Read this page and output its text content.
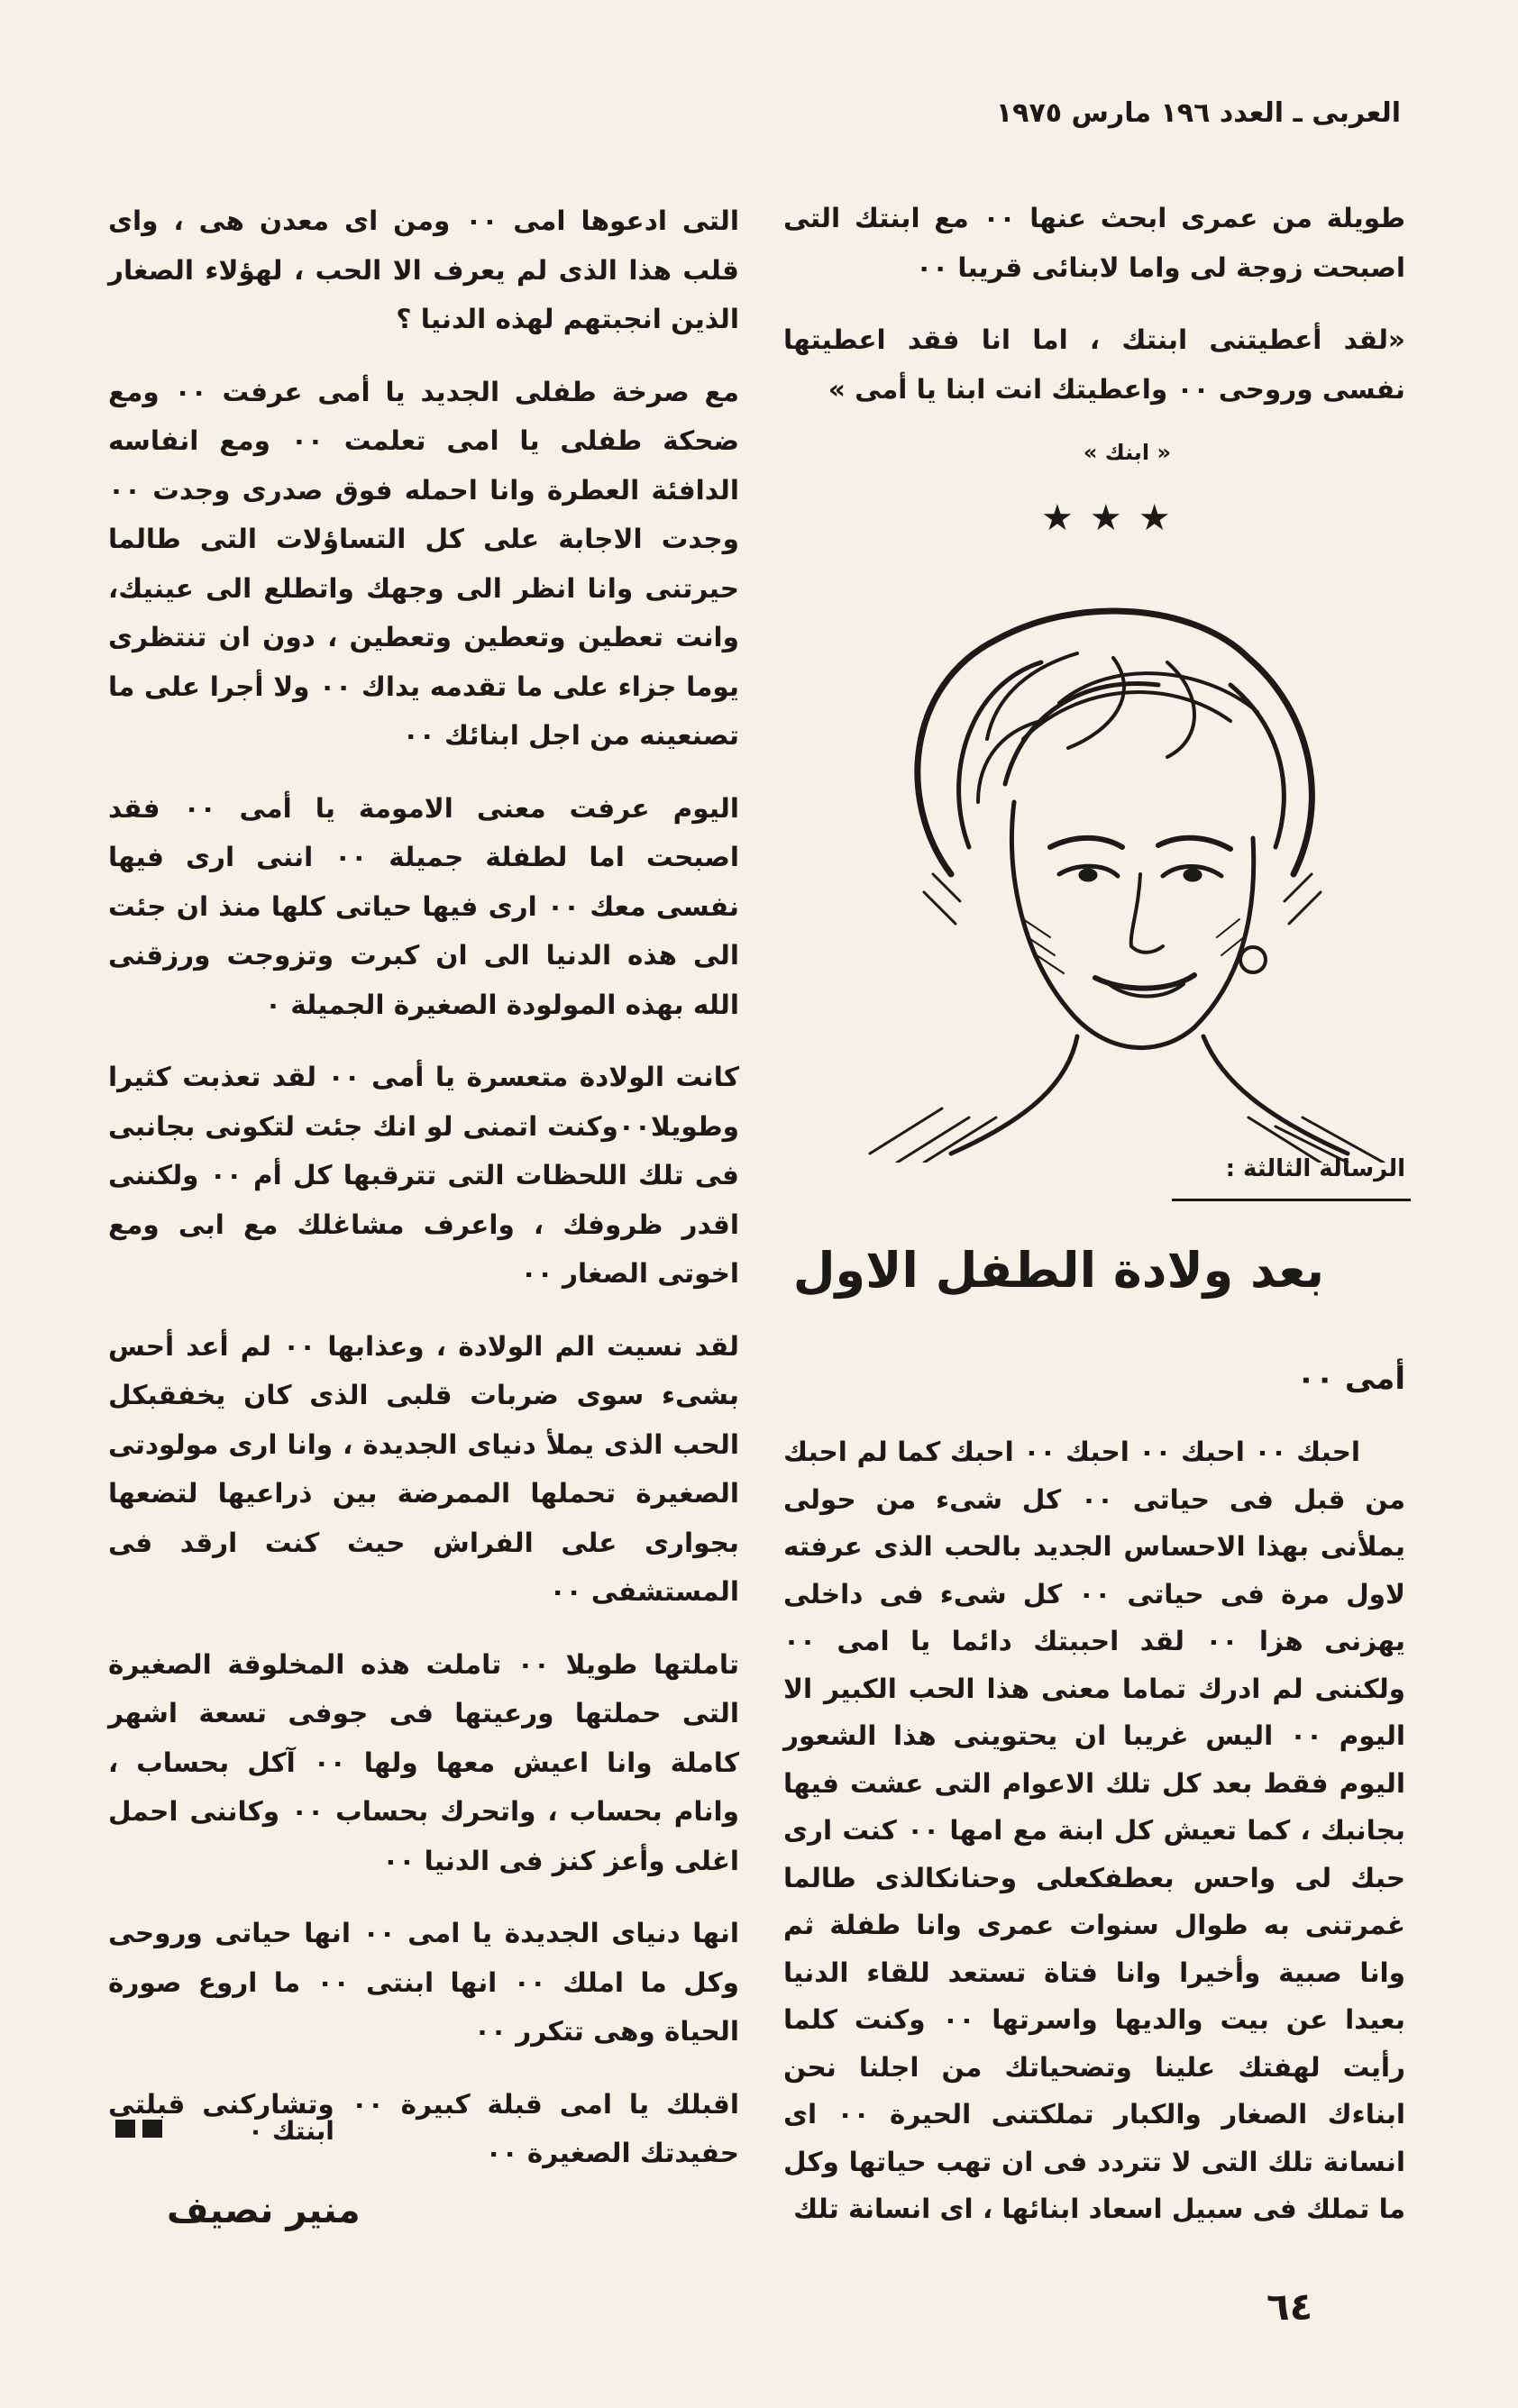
العربى ـ العدد ١٩٦ مارس ١٩٧٥

طويلة من عمرى ابحث عنها ٠٠ مع ابنتك التى اصبحت زوجة لى واما لابنائى قريبا ٠٠

«لقد أعطيتنى ابنتك ، اما انا فقد اعطيتها نفسى وروحى ٠٠ واعطيتك انت ابنا يا أمى »

« ابنك »
★★★
الرسالة الثالثة :
بعد ولادة الطفل الاول
أمى ٠٠

احبك ٠٠ احبك ٠٠ احبك ٠٠ احبك كما لم احبك من قبل فى حياتى ٠٠ كل شىء من حولى يملأنى بهذا الاحساس الجديد بالحب الذى عرفته لاول مرة فى حياتى ٠٠ كل شىء فى داخلى يهزنى هزا ٠٠ لقد احببتك دائما يا امى ٠٠ ولكننى لم ادرك تماما معنى هذا الحب الكبير الا اليوم ٠٠ اليس غريبا ان يحتوينى هذا الشعور اليوم فقط بعد كل تلك الاعوام التى عشت فيها بجانبك ، كما تعيش كل ابنة مع امها ٠٠ كنت ارى حبك لى واحس بعطفكعلى وحنانكالذى طالما غمرتنى به طوال سنوات عمرى وانا طفلة ثم وانا صبية وأخيرا وانا فتاة تستعد للقاء الدنيا بعيدا عن بيت والديها واسرتها ٠٠ وكنت كلما رأيت لهفتك علينا وتضحياتك من اجلنا نحن ابناءك الصغار والكبار تملكتنى الحيرة ٠٠ اى انسانة تلك التى لا تتردد فى ان تهب حياتها وكل ما تملك فى سبيل اسعاد ابنائها ، اى انسانة تلك

التى ادعوها امى ٠٠ ومن اى معدن هى ، واى قلب هذا الذى لم يعرف الا الحب ، لهؤلاء الصغار الذين انجبتهم لهذه الدنيا ؟

مع صرخة طفلى الجديد يا أمى عرفت ٠٠ ومع ضحكة طفلى يا امى تعلمت ٠٠ ومع انفاسه الدافئة العطرة وانا احمله فوق صدرى وجدت ٠٠ وجدت الاجابة على كل التساؤلات التى طالما حيرتنى وانا انظر الى وجهك واتطلع الى عينيك، وانت تعطين وتعطين وتعطين ، دون ان تنتظرى يوما جزاء على ما تقدمه يداك ٠٠ ولا أجرا على ما تصنعينه من اجل ابنائك ٠٠

اليوم عرفت معنى الامومة يا أمى ٠٠ فقد اصبحت اما لطفلة جميلة ٠٠ اننى ارى فيها نفسى معك ٠٠ ارى فيها حياتى كلها منذ ان جئت الى هذه الدنيا الى ان كبرت وتزوجت ورزقنى الله بهذه المولودة الصغيرة الجميلة ٠

كانت الولادة متعسرة يا أمى ٠٠ لقد تعذبت كثيرا وطويلا٠٠وكنت اتمنى لو انك جئت لتكونى بجانبى فى تلك اللحظات التى تترقبها كل أم ٠٠ ولكننى اقدر ظروفك ، واعرف مشاغلك مع ابى ومع اخوتى الصغار ٠٠

لقد نسيت الم الولادة ، وعذابها ٠٠ لم أعد أحس بشىء سوى ضربات قلبى الذى كان يخفقبكل الحب الذى يملأ دنياى الجديدة ، وانا ارى مولودتى الصغيرة تحملها الممرضة بين ذراعيها لتضعها بجوارى على الفراش حيث كنت ارقد فى المستشفى ٠٠

تاملتها طويلا ٠٠ تاملت هذه المخلوقة الصغيرة التى حملتها ورعيتها فى جوفى تسعة اشهر كاملة وانا اعيش معها ولها ٠٠ آكل بحساب ، وانام بحساب ، واتحرك بحساب ٠٠ وكاننى احمل اغلى وأعز كنز فى الدنيا ٠٠

انها دنياى الجديدة يا امى ٠٠ انها حياتى وروحى وكل ما املك ٠٠ انها ابنتى ٠٠ ما اروع صورة الحياة وهى تتكرر ٠٠

اقبلك يا امى قبلة كبيرة ٠٠ وتشاركنى قبلتى حفيدتك الصغيرة ٠٠

ابنتك ٠
منير نصيف
٦٤
